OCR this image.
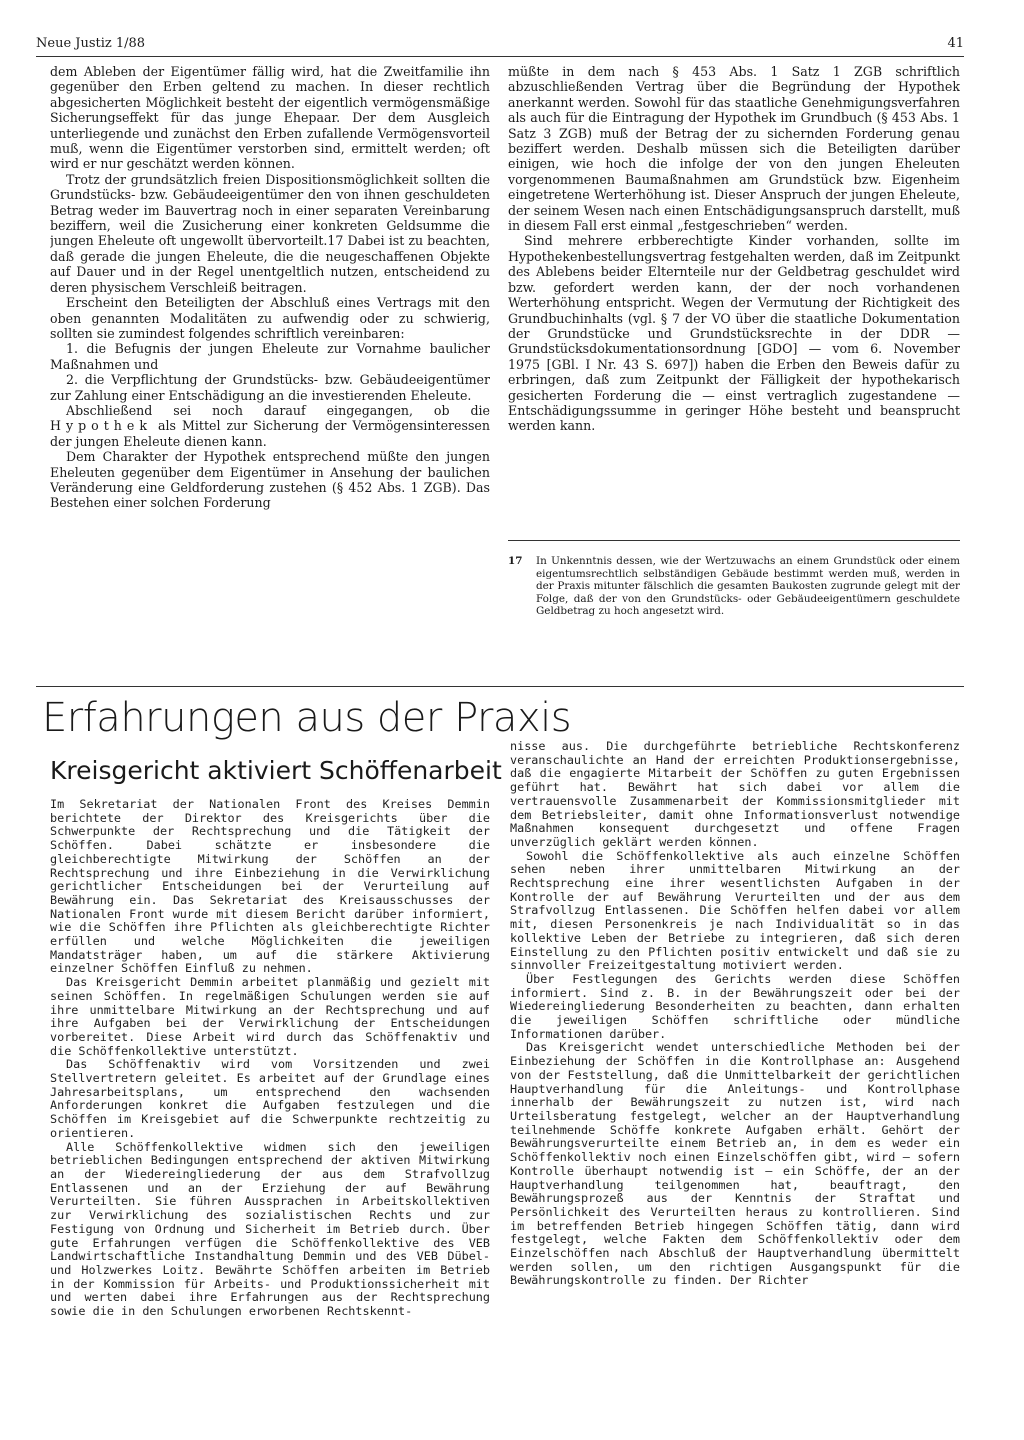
Neue Justiz 1/88	41

dem Ableben der Eigentümer fällig wird, hat die Zweitfamilie ihn gegenüber den Erben geltend zu machen. In dieser rechtlich abgesicherten Möglichkeit besteht der eigentlich vermögensmäßige Sicherungseffekt für das junge Ehepaar. Der dem Ausgleich unterliegende und zunächst den Erben zufallende Vermögensvorteil muß, wenn die Eigentümer verstorben sind, ermittelt werden; oft wird er nur geschätzt werden können.

Trotz der grundsätzlich freien Dispositionsmöglichkeit sollten die Grundstücks- bzw. Gebäudeeigentümer den von ihnen geschuldeten Betrag weder im Bauvertrag noch in einer separaten Vereinbarung beziffern, weil die Zusicherung einer konkreten Geldsumme die jungen Eheleute oft ungewollt übervorteilt.17 Dabei ist zu beachten, daß gerade die jungen Eheleute, die die neugeschaffenen Objekte auf Dauer und in der Regel unentgeltlich nutzen, entscheidend zu deren physischem Verschleiß beitragen.

Erscheint den Beteiligten der Abschluß eines Vertrags mit den oben genannten Modalitäten zu aufwendig oder zu schwierig, sollten sie zumindest folgendes schriftlich vereinbaren:

1. die Befugnis der jungen Eheleute zur Vornahme baulicher Maßnahmen und

2. die Verpflichtung der Grundstücks- bzw. Gebäudeeigentümer zur Zahlung einer Entschädigung an die investierenden Eheleute.

Abschließend sei noch darauf eingegangen, ob die Hypothek als Mittel zur Sicherung der Vermögensinteressen der jungen Eheleute dienen kann.

Dem Charakter der Hypothek entsprechend müßte den jungen Eheleuten gegenüber dem Eigentümer in Ansehung der baulichen Veränderung eine Geldforderung zustehen (§ 452 Abs. 1 ZGB). Das Bestehen einer solchen Forderung

müßte in dem nach § 453 Abs. 1 Satz 1 ZGB schriftlich abzuschließenden Vertrag über die Begründung der Hypothek anerkannt werden. Sowohl für das staatliche Genehmigungsverfahren als auch für die Eintragung der Hypothek im Grundbuch (§ 453 Abs. 1 Satz 3 ZGB) muß der Betrag der zu sichernden Forderung genau beziffert werden. Deshalb müssen sich die Beteiligten darüber einigen, wie hoch die infolge der von den jungen Eheleuten vorgenommenen Baumaßnahmen am Grundstück bzw. Eigenheim eingetretene Werterhöhung ist. Dieser Anspruch der jungen Eheleute, der seinem Wesen nach einen Entschädigungsanspruch darstellt, muß in diesem Fall erst einmal „festgeschrieben“ werden.

Sind mehrere erbberechtigte Kinder vorhanden, sollte im Hypothekenbestellungsvertrag festgehalten werden, daß im Zeitpunkt des Ablebens beider Elternteile nur der Geldbetrag geschuldet wird bzw. gefordert werden kann, der der noch vorhandenen Werterhöhung entspricht. Wegen der Vermutung der Richtigkeit des Grundbuchinhalts (vgl. § 7 der VO über die staatliche Dokumentation der Grundstücke und Grundstücksrechte in der DDR — Grundstücksdokumentationsordnung [GDO] — vom 6. November 1975 [GBl. I Nr. 43 S. 697]) haben die Erben den Beweis dafür zu erbringen, daß zum Zeitpunkt der Fälligkeit der hypothekarisch gesicherten Forderung die — einst vertraglich zugestandene — Entschädigungssumme in geringer Höhe besteht und beansprucht werden kann.

17	In Unkenntnis dessen, wie der Wertzuwachs an einem Grundstück oder einem eigentumsrechtlich selbständigen Gebäude bestimmt werden muß, werden in der Praxis mitunter fälschlich die gesamten Baukosten zugrunde gelegt mit der Folge, daß der von den Grundstücks- oder Gebäudeeigentümern geschuldete Geldbetrag zu hoch angesetzt wird.
Erfahrungen aus der Praxis
Kreisgericht aktiviert Schöffenarbeit

Im Sekretariat der Nationalen Front des Kreises Demmin berichtete der Direktor des Kreisgerichts über die Schwerpunkte der Rechtsprechung und die Tätigkeit der Schöffen. Dabei schätzte er insbesondere die gleichberechtigte Mitwirkung der Schöffen an der Rechtsprechung und ihre Einbeziehung in die Verwirklichung gerichtlicher Entscheidungen bei der Verurteilung auf Bewährung ein. Das Sekretariat des Kreisausschusses der Nationalen Front wurde mit diesem Bericht darüber informiert, wie die Schöffen ihre Pflichten als gleichberechtigte Richter erfüllen und welche Möglichkeiten die jeweiligen Mandatsträger haben, um auf die stärkere Aktivierung einzelner Schöffen Einfluß zu nehmen.

Das Kreisgericht Demmin arbeitet planmäßig und gezielt mit seinen Schöffen. In regelmäßigen Schulungen werden sie auf ihre unmittelbare Mitwirkung an der Rechtsprechung und auf ihre Aufgaben bei der Verwirklichung der Entscheidungen vorbereitet. Diese Arbeit wird durch das Schöffenaktiv und die Schöffenkollektive unterstützt.

Das Schöffenaktiv wird vom Vorsitzenden und zwei Stellvertretern geleitet. Es arbeitet auf der Grundlage eines Jahresarbeitsplans, um entsprechend den wachsenden Anforderungen konkret die Aufgaben festzulegen und die Schöffen im Kreisgebiet auf die Schwerpunkte rechtzeitig zu orientieren.

Alle Schöffenkollektive widmen sich den jeweiligen betrieblichen Bedingungen entsprechend der aktiven Mitwirkung an der Wiedereingliederung der aus dem Strafvollzug Entlassenen und an der Erziehung der auf Bewährung Verurteilten. Sie führen Aussprachen in Arbeitskollektiven zur Verwirklichung des sozialistischen Rechts und zur Festigung von Ordnung und Sicherheit im Betrieb durch. Über gute Erfahrungen verfügen die Schöffenkollektive des VEB Landwirtschaftliche Instandhaltung Demmin und des VEB Dübel- und Holzwerkes Loitz. Bewährte Schöffen arbeiten im Betrieb in der Kommission für Arbeits- und Produktionssicherheit mit und werten dabei ihre Erfahrungen aus der Rechtsprechung sowie die in den Schulungen erworbenen Rechtskennt-

nisse aus. Die durchgeführte betriebliche Rechtskonferenz veranschaulichte an Hand der erreichten Produktionsergebnisse, daß die engagierte Mitarbeit der Schöffen zu guten Ergebnissen geführt hat. Bewährt hat sich dabei vor allem die vertrauensvolle Zusammenarbeit der Kommissionsmitglieder mit dem Betriebsleiter, damit ohne Informationsverlust notwendige Maßnahmen konsequent durchgesetzt und offene Fragen unverzüglich geklärt werden können.

Sowohl die Schöffenkollektive als auch einzelne Schöffen sehen neben ihrer unmittelbaren Mitwirkung an der Rechtsprechung eine ihrer wesentlichsten Aufgaben in der Kontrolle der auf Bewährung Verurteilten und der aus dem Strafvollzug Entlassenen. Die Schöffen helfen dabei vor allem mit, diesen Personenkreis je nach Individualität so in das kollektive Leben der Betriebe zu integrieren, daß sich deren Einstellung zu den Pflichten positiv entwickelt und daß sie zu sinnvoller Freizeitgestaltung motiviert werden.

Über Festlegungen des Gerichts werden diese Schöffen informiert. Sind z. B. in der Bewährungszeit oder bei der Wiedereingliederung Besonderheiten zu beachten, dann erhalten die jeweiligen Schöffen schriftliche oder mündliche Informationen darüber.

Das Kreisgericht wendet unterschiedliche Methoden bei der Einbeziehung der Schöffen in die Kontrollphase an: Ausgehend von der Feststellung, daß die Unmittelbarkeit der gerichtlichen Hauptverhandlung für die Anleitungs- und Kontrollphase innerhalb der Bewährungszeit zu nutzen ist, wird nach Urteilsberatung festgelegt, welcher an der Hauptverhandlung teilnehmende Schöffe konkrete Aufgaben erhält. Gehört der Bewährungsverurteilte einem Betrieb an, in dem es weder ein Schöffenkollektiv noch einen Einzelschöffen gibt, wird — sofern Kontrolle überhaupt notwendig ist — ein Schöffe, der an der Hauptverhandlung teilgenommen hat, beauftragt, den Bewährungsprozeß aus der Kenntnis der Straftat und Persönlichkeit des Verurteilten heraus zu kontrollieren. Sind im betreffenden Betrieb hingegen Schöffen tätig, dann wird festgelegt, welche Fakten dem Schöffenkollektiv oder dem Einzelschöffen nach Abschluß der Hauptverhandlung übermittelt werden sollen, um den richtigen Ausgangspunkt für die Bewährungskontrolle zu finden. Der Richter
